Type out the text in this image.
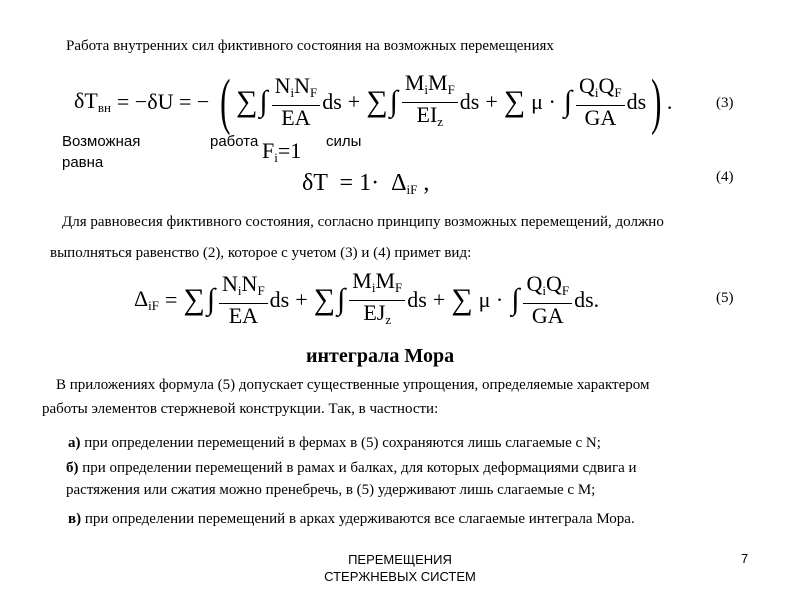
Работа внутренних сил фиктивного состояния на возможных перемещениях
$\delta T_{вн} = -\delta U$ = − ( ∑ ∫ $\frac{N_iN_F}{EA}$ ds + ∑ ∫ $\frac{M_iM_F}{EI_z}$ ds + ∑ μ · ∫ $\frac{Q_iQ_F}{GA}$ ds ) .	(3)
Возможная	работа	силы
равна	$F_i=1$
$\delta T = 1\cdot \Delta_{iF}$ ,	(4)
Для равновесия фиктивного состояния, согласно принципу возможных перемещений, должно
выполняться равенство (2), которое с учетом (3) и (4) примет вид:
$\Delta_{iF}$ = ∑ ∫ $\frac{N_iN_F}{EA}$ ds + ∑ ∫ $\frac{M_iM_F}{EJ_z}$ ds + ∑ μ · ∫ $\frac{Q_iQ_F}{GA}$ ds.	(5)
интеграла Мора
В приложениях формула (5) допускает существенные упрощения, определяемые характером
работы элементов стержневой конструкции. Так, в частности:
а) при определении перемещений в фермах в (5) сохраняются лишь слагаемые с N;
б) при определении перемещений в рамах и балках, для которых деформациями сдвига и
растяжения или сжатия можно пренебречь, в (5) удерживают лишь слагаемые с M;
в) при определении перемещений в арках удерживаются все слагаемые интеграла Мора.
ПЕРЕМЕЩЕНИЯ
СТЕРЖНЕВЫХ СИСТЕМ
7
